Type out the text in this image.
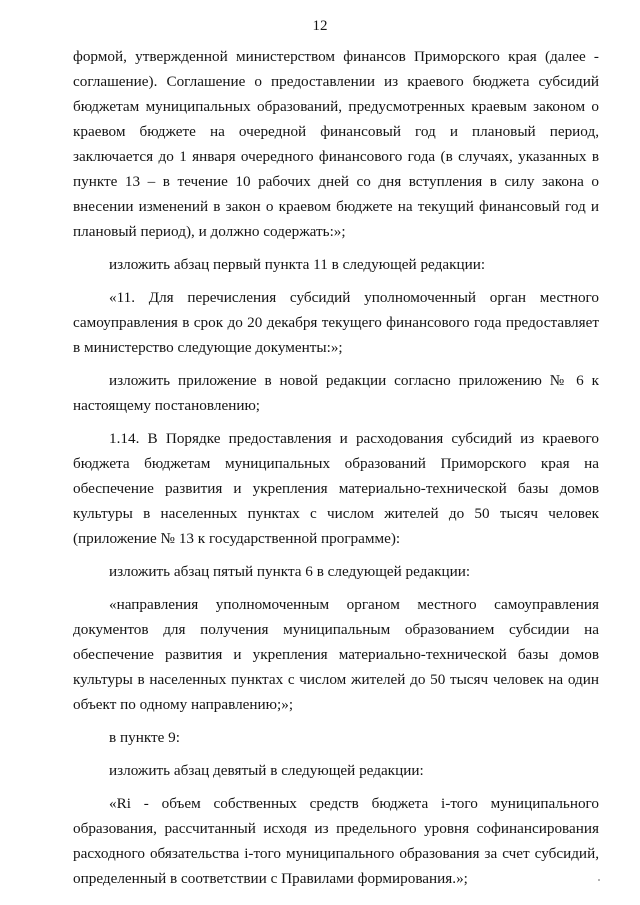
12

формой, утвержденной министерством финансов Приморского края (далее - соглашение). Соглашение о предоставлении из краевого бюджета субсидий бюджетам муниципальных образований, предусмотренных краевым законом о краевом бюджете на очередной финансовый год и плановый период, заключается до 1 января очередного финансового года (в случаях, указанных в пункте 13 – в течение 10 рабочих дней со дня вступления в силу закона о внесении изменений в закон о краевом бюджете на текущий финансовый год и плановый период), и должно содержать:»;

изложить абзац первый пункта 11 в следующей редакции:

«11. Для перечисления субсидий уполномоченный орган местного самоуправления в срок до 20 декабря текущего финансового года предоставляет в министерство следующие документы:»;

изложить приложение в новой редакции согласно приложению № 6 к настоящему постановлению;

1.14. В Порядке предоставления и расходования субсидий из краевого бюджета бюджетам муниципальных образований Приморского края на обеспечение развития и укрепления материально-технической базы домов культуры в населенных пунктах с числом жителей до 50 тысяч человек (приложение № 13 к государственной программе):

изложить абзац пятый пункта 6 в следующей редакции:

«направления уполномоченным органом местного самоуправления документов для получения муниципальным образованием субсидии на обеспечение развития и укрепления материально-технической базы домов культуры в населенных пунктах с числом жителей до 50 тысяч человек на один объект по одному направлению;»;

в пункте 9:

изложить абзац девятый в следующей редакции:

«Ri - объем собственных средств бюджета i-того муниципального образования, рассчитанный исходя из предельного уровня софинансирования расходного обязательства i-того муниципального образования за счет субсидий, определенный в соответствии с Правилами формирования.»;
